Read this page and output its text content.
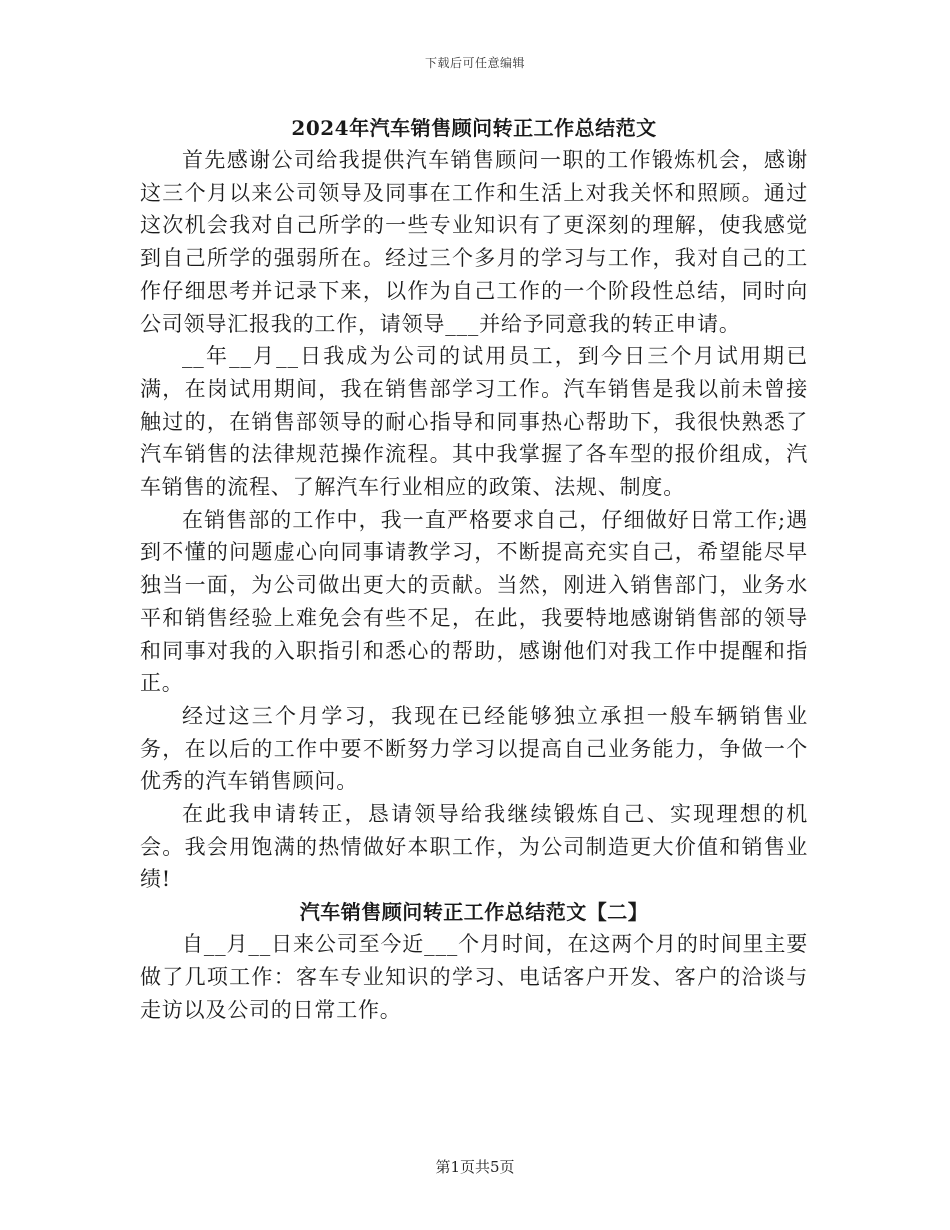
下载后可任意编辑
2024年汽车销售顾问转正工作总结范文

首先感谢公司给我提供汽车销售顾问一职的工作锻炼机会，感谢这三个月以来公司领导及同事在工作和生活上对我关怀和照顾。通过这次机会我对自己所学的一些专业知识有了更深刻的理解，使我感觉到自己所学的强弱所在。经过三个多月的学习与工作，我对自己的工作仔细思考并记录下来，以作为自己工作的一个阶段性总结，同时向公司领导汇报我的工作，请领导___并给予同意我的转正申请。

__年__月__日我成为公司的试用员工，到今日三个月试用期已满，在岗试用期间，我在销售部学习工作。汽车销售是我以前未曾接触过的，在销售部领导的耐心指导和同事热心帮助下，我很快熟悉了汽车销售的法律规范操作流程。其中我掌握了各车型的报价组成，汽车销售的流程、了解汽车行业相应的政策、法规、制度。

在销售部的工作中，我一直严格要求自己，仔细做好日常工作;遇到不懂的问题虚心向同事请教学习，不断提高充实自己，希望能尽早独当一面，为公司做出更大的贡献。当然，刚进入销售部门，业务水平和销售经验上难免会有些不足，在此，我要特地感谢销售部的领导和同事对我的入职指引和悉心的帮助，感谢他们对我工作中提醒和指正。

经过这三个月学习，我现在已经能够独立承担一般车辆销售业务，在以后的工作中要不断努力学习以提高自己业务能力，争做一个优秀的汽车销售顾问。

在此我申请转正，恳请领导给我继续锻炼自己、实现理想的机会。我会用饱满的热情做好本职工作，为公司制造更大价值和销售业绩!

汽车销售顾问转正工作总结范文【二】

自__月__日来公司至今近___个月时间，在这两个月的时间里主要做了几项工作：客车专业知识的学习、电话客户开发、客户的洽谈与走访以及公司的日常工作。

第1页共5页
